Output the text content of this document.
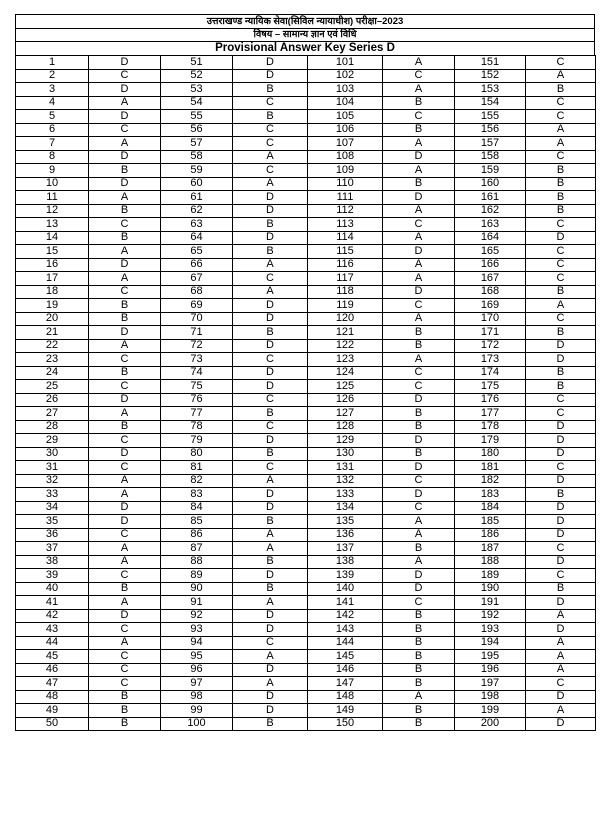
उत्तराखण्ड न्यायिक सेवा(सिविल न्यायाधीश) परीक्षा–2023
विषय – सामान्य ज्ञान एवं विधि
Provisional Answer Key Series D
1	D	51	D	101	A	151	C
2	C	52	D	102	C	152	A
3	D	53	B	103	A	153	B
4	A	54	C	104	B	154	C
5	D	55	B	105	C	155	C
6	C	56	C	106	B	156	A
7	A	57	C	107	A	157	A
8	D	58	A	108	D	158	C
9	B	59	C	109	A	159	B
10	D	60	A	110	B	160	B
11	A	61	D	111	D	161	B
12	B	62	D	112	A	162	B
13	C	63	B	113	C	163	C
14	B	64	D	114	A	164	D
15	A	65	B	115	D	165	C
16	D	66	A	116	A	166	C
17	A	67	C	117	A	167	C
18	C	68	A	118	D	168	B
19	B	69	D	119	C	169	A
20	B	70	D	120	A	170	C
21	D	71	B	121	B	171	B
22	A	72	D	122	B	172	D
23	C	73	C	123	A	173	D
24	B	74	D	124	C	174	B
25	C	75	D	125	C	175	B
26	D	76	C	126	D	176	C
27	A	77	B	127	B	177	C
28	B	78	C	128	B	178	D
29	C	79	D	129	D	179	D
30	D	80	B	130	B	180	D
31	C	81	C	131	D	181	C
32	A	82	A	132	C	182	D
33	A	83	D	133	D	183	B
34	D	84	D	134	C	184	D
35	D	85	B	135	A	185	D
36	C	86	A	136	A	186	D
37	A	87	A	137	B	187	C
38	A	88	B	138	A	188	D
39	C	89	D	139	D	189	C
40	B	90	B	140	D	190	B
41	A	91	A	141	C	191	D
42	D	92	D	142	B	192	A
43	C	93	D	143	B	193	D
44	A	94	C	144	B	194	A
45	C	95	A	145	B	195	A
46	C	96	D	146	B	196	A
47	C	97	A	147	B	197	C
48	B	98	D	148	A	198	D
49	B	99	D	149	B	199	A
50	B	100	B	150	B	200	D
